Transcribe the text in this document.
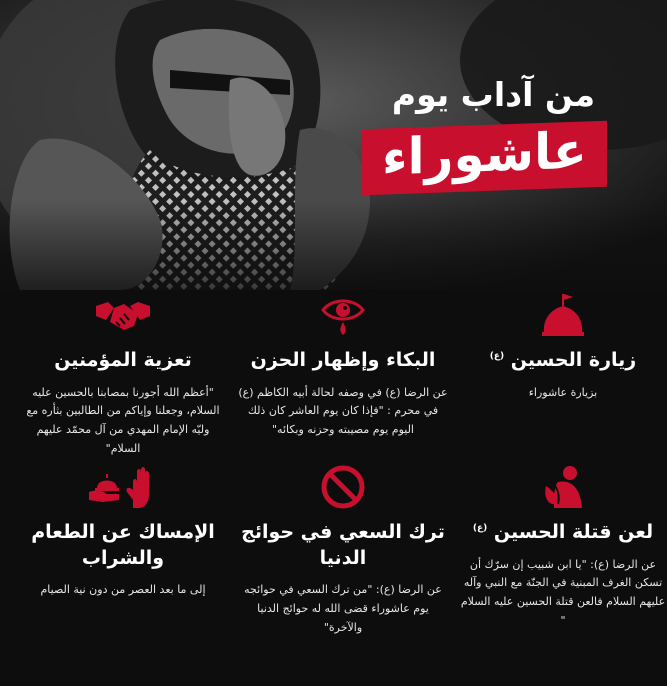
من آداب يوم
عاشوراء
زيارة الحسين $^{(ع)}$

بزيارة عاشوراء

البكاء وإظهار الحزن

عن الرضا (ع) في وصفه لحالة أبيه الكاظم (ع) في محرم : "فإذا كان يوم العاشر كان ذلك اليوم يوم مصيبته وحزنه وبكائه"

تعزية المؤمنين

"أعظم الله أجورنا بمصابنا بالحسين عليه السلام، وجعلنا وإياكم من الطالبين بثأره مع وليّه الإمام المهدي من آل محمّد عليهم السلام"

لعن قتلة الحسين $^{(ع)}$

عن الرضا (ع): "يا ابن شبيب إن سرّك أن تسكن الغرف المبنية في الجنّة مع النبي وآله عليهم السلام فالعن قتلة الحسين عليه السلام "

ترك السعي في حوائج الدنيا

عن الرضا (ع): "من ترك السعي في حوائجه يوم عاشوراء قضى الله له حوائج الدنيا والآخرة"

الإمساك عن الطعام والشراب

إلى ما بعد العصر من دون نية الصيام
